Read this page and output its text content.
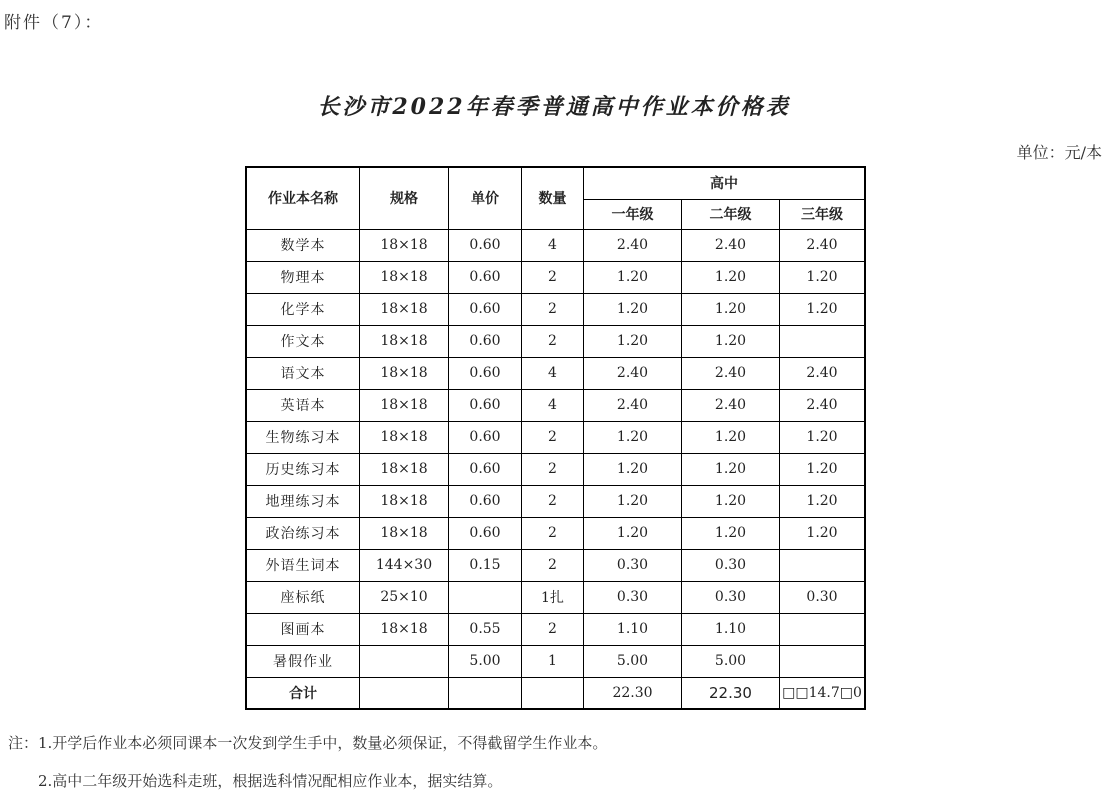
附件（7）：
长沙市2022年春季普通高中作业本价格表
单位：元/本
作业本名称	规格	单价	数量	高中		
				一年级	二年级	三年级
数学本	18×18	0.60	4	2.40	2.40	2.40
物理本	18×18	0.60	2	1.20	1.20	1.20
化学本	18×18	0.60	2	1.20	1.20	1.20
作文本	18×18	0.60	2	1.20	1.20	
语文本	18×18	0.60	4	2.40	2.40	2.40
英语本	18×18	0.60	4	2.40	2.40	2.40
生物练习本	18×18	0.60	2	1.20	1.20	1.20
历史练习本	18×18	0.60	2	1.20	1.20	1.20
地理练习本	18×18	0.60	2	1.20	1.20	1.20
政治练习本	18×18	0.60	2	1.20	1.20	1.20
外语生词本	144×30	0.15	2	0.30	0.30	
座标纸	25×10		1扎	0.30	0.30	0.30
图画本	18×18	0.55	2	1.10	1.10	
暑假作业		5.00	1	5.00	5.00	
合计				22.30	22.30	□□14.7□0
注：1.开学后作业本必须同课本一次发到学生手中，数量必须保证，不得截留学生作业本。
2.高中二年级开始选科走班，根据选科情况配相应作业本，据实结算。
